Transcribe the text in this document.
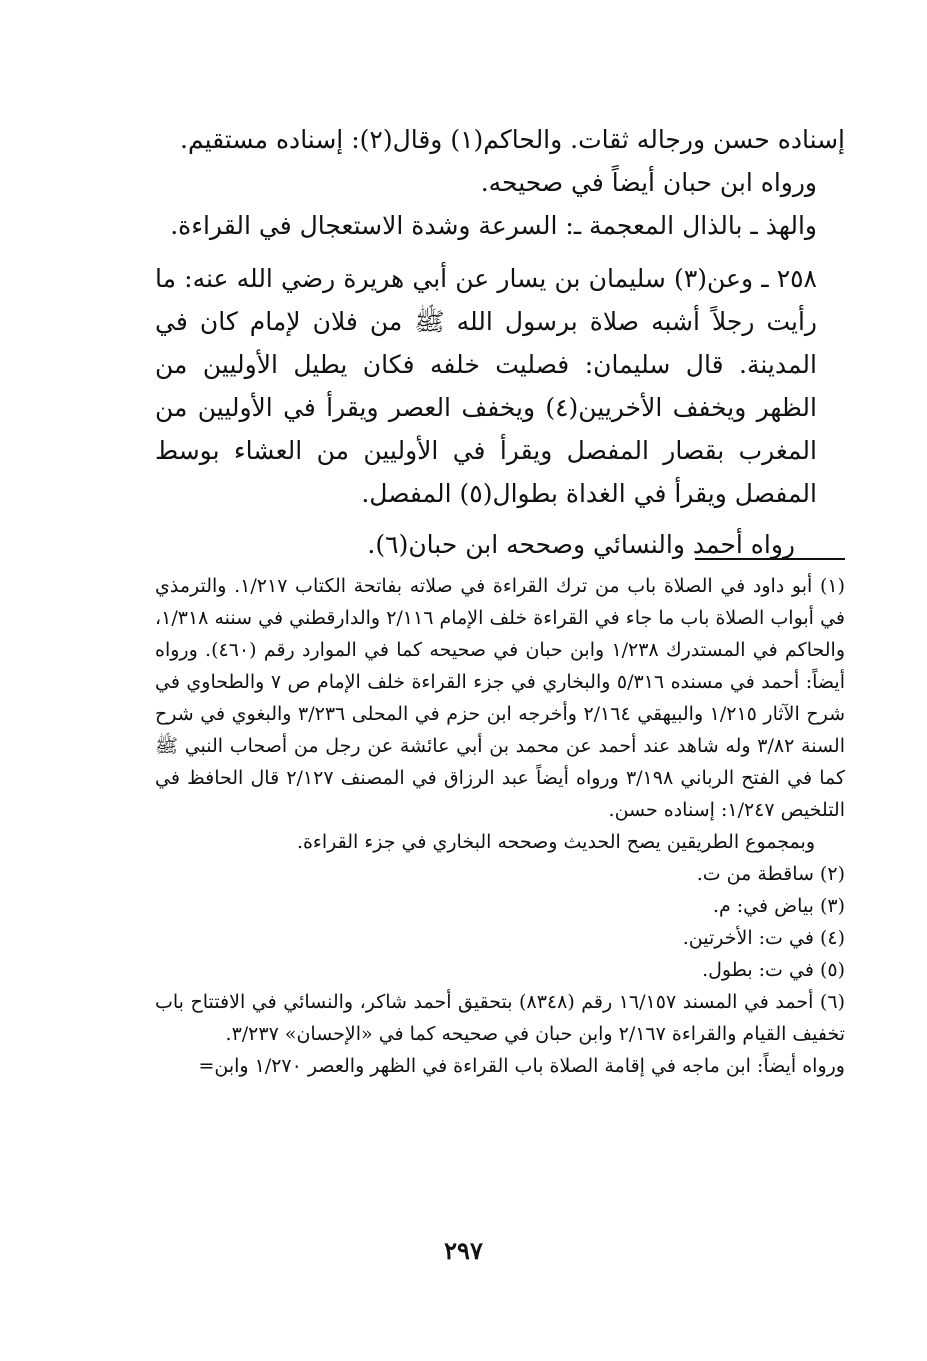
إسناده حسن ورجاله ثقات. والحاكم(١) وقال(٢): إسناده مستقيم.

ورواه ابن حبان أيضاً في صحيحه.

والهذ ـ بالذال المعجمة ـ: السرعة وشدة الاستعجال في القراءة.

٢٥٨ ـ وعن(٣) سليمان بن يسار عن أبي هريرة رضي الله عنه: ما رأيت رجلاً أشبه صلاة برسول الله ﷺ من فلان لإمام كان في المدينة. قال سليمان: فصليت خلفه فكان يطيل الأوليين من الظهر ويخفف الأخريين(٤) ويخفف العصر ويقرأ في الأوليين من المغرب بقصار المفصل ويقرأ في الأوليين من العشاء بوسط المفصل ويقرأ في الغداة بطوال(٥) المفصل.

رواه أحمد والنسائي وصححه ابن حبان(٦).

(١) أبو داود في الصلاة باب من ترك القراءة في صلاته بفاتحة الكتاب ١/٢١٧. والترمذي في أبواب الصلاة باب ما جاء في القراءة خلف الإمام ٢/١١٦ والدارقطني في سننه ١/٣١٨، والحاكم في المستدرك ١/٢٣٨ وابن حبان في صحيحه كما في الموارد رقم (٤٦٠). ورواه أيضاً: أحمد في مسنده ٥/٣١٦ والبخاري في جزء القراءة خلف الإمام ص ٧ والطحاوي في شرح الآثار ١/٢١٥ والبيهقي ٢/١٦٤ وأخرجه ابن حزم في المحلى ٣/٢٣٦ والبغوي في شرح السنة ٣/٨٢ وله شاهد عند أحمد عن محمد بن أبي عائشة عن رجل من أصحاب النبي ﷺ كما في الفتح الرباني ٣/١٩٨ ورواه أيضاً عبد الرزاق في المصنف ٢/١٢٧ قال الحافظ في التلخيص ١/٢٤٧: إسناده حسن.

وبمجموع الطريقين يصح الحديث وصححه البخاري في جزء القراءة.

(٢) ساقطة من ت.

(٣) بياض في: م.

(٤) في ت: الأخرتين.

(٥) في ت: بطول.

(٦) أحمد في المسند ١٦/١٥٧ رقم (٨٣٤٨) بتحقيق أحمد شاكر، والنسائي في الافتتاح باب تخفيف القيام والقراءة ٢/١٦٧ وابن حبان في صحيحه كما في «الإحسان» ٣/٢٣٧.

ورواه أيضاً: ابن ماجه في إقامة الصلاة باب القراءة في الظهر والعصر ١/٢٧٠ وابن=

٢٩٧
